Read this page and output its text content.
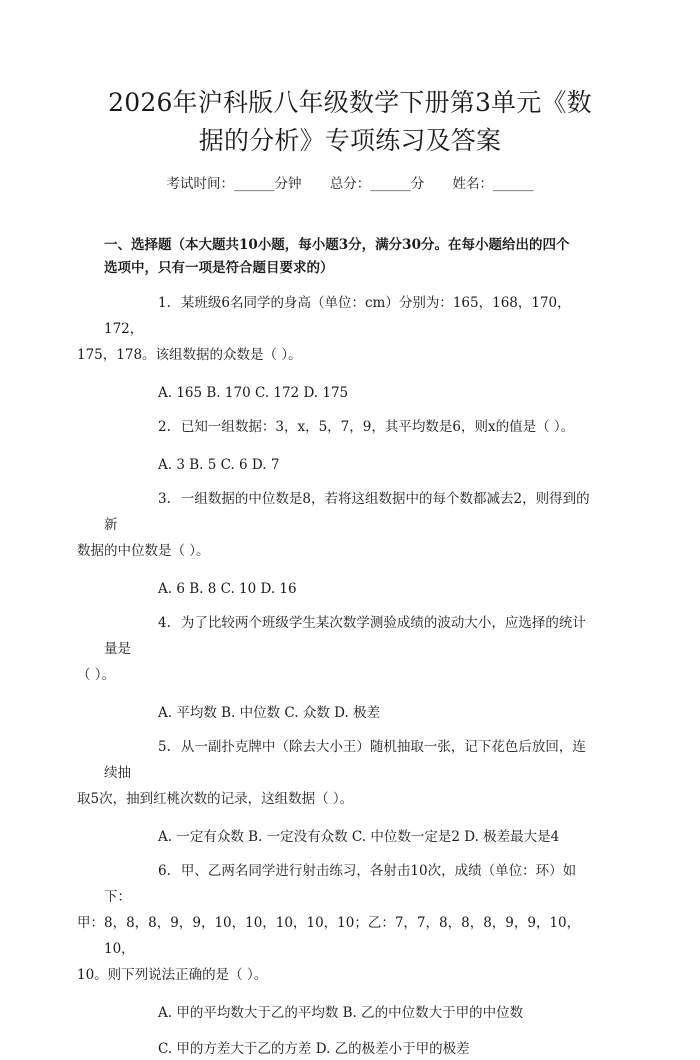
2026年沪科版八年级数学下册第3单元《数
据的分析》专项练习及答案
考试时间：______分钟 总分：______分 姓名：______
一、选择题（本大题共10小题，每小题3分，满分30分。在每小题给出的四个
选项中，只有一项是符合题目要求的）
1. 某班级6名同学的身高（单位：cm）分别为：165，168，170，172，
175，178。该组数据的众数是（ ）。
A. 165 B. 170 C. 172 D. 175
2. 已知一组数据：3，x，5，7，9，其平均数是6，则x的值是（ ）。
A. 3 B. 5 C. 6 D. 7
3. 一组数据的中位数是8，若将这组数据中的每个数都减去2，则得到的新
数据的中位数是（ ）。
A. 6 B. 8 C. 10 D. 16
4. 为了比较两个班级学生某次数学测验成绩的波动大小，应选择的统计量是
（ ）。
A. 平均数 B. 中位数 C. 众数 D. 极差
5. 从一副扑克牌中（除去大小王）随机抽取一张，记下花色后放回，连续抽
取5次，抽到红桃次数的记录，这组数据（ ）。
A. 一定有众数 B. 一定没有众数 C. 中位数一定是2 D. 极差最大是4
6. 甲、乙两名同学进行射击练习，各射击10次，成绩（单位：环）如下：
甲：8，8，8，9，9，10，10，10，10，10；乙：7，7，8，8，8，9，9，10，10，
10。则下列说法正确的是（ ）。
A. 甲的平均数大于乙的平均数 B. 乙的中位数大于甲的中位数
C. 甲的方差大于乙的方差 D. 乙的极差小于甲的极差
